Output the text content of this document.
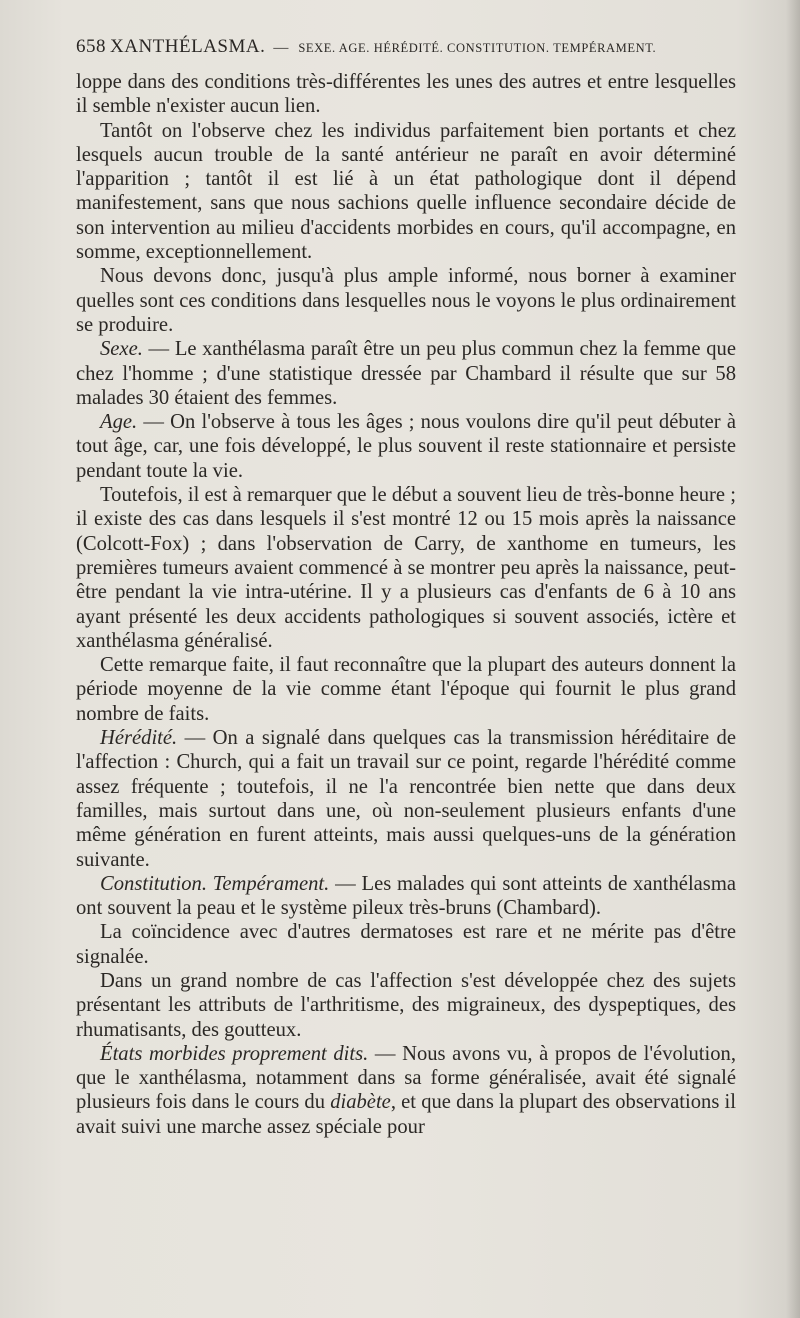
658 XANTHÉLASMA. — SEXE. AGE. HÉRÉDITÉ. CONSTITUTION. TEMPÉRAMENT.

loppe dans des conditions très-différentes les unes des autres et entre lesquelles il semble n'exister aucun lien.

Tantôt on l'observe chez les individus parfaitement bien portants et chez lesquels aucun trouble de la santé antérieur ne paraît en avoir déterminé l'apparition ; tantôt il est lié à un état pathologique dont il dépend manifestement, sans que nous sachions quelle influence secondaire décide de son intervention au milieu d'accidents morbides en cours, qu'il accompagne, en somme, exceptionnellement.

Nous devons donc, jusqu'à plus ample informé, nous borner à examiner quelles sont ces conditions dans lesquelles nous le voyons le plus ordinairement se produire.

Sexe. — Le xanthélasma paraît être un peu plus commun chez la femme que chez l'homme ; d'une statistique dressée par Chambard il résulte que sur 58 malades 30 étaient des femmes.

Age. — On l'observe à tous les âges ; nous voulons dire qu'il peut débuter à tout âge, car, une fois développé, le plus souvent il reste stationnaire et persiste pendant toute la vie.

Toutefois, il est à remarquer que le début a souvent lieu de très-bonne heure ; il existe des cas dans lesquels il s'est montré 12 ou 15 mois après la naissance (Colcott-Fox) ; dans l'observation de Carry, de xanthome en tumeurs, les premières tumeurs avaient commencé à se montrer peu après la naissance, peut-être pendant la vie intra-utérine. Il y a plusieurs cas d'enfants de 6 à 10 ans ayant présenté les deux accidents pathologiques si souvent associés, ictère et xanthélasma généralisé.

Cette remarque faite, il faut reconnaître que la plupart des auteurs donnent la période moyenne de la vie comme étant l'époque qui fournit le plus grand nombre de faits.

Hérédité. — On a signalé dans quelques cas la transmission héréditaire de l'affection : Church, qui a fait un travail sur ce point, regarde l'hérédité comme assez fréquente ; toutefois, il ne l'a rencontrée bien nette que dans deux familles, mais surtout dans une, où non-seulement plusieurs enfants d'une même génération en furent atteints, mais aussi quelques-uns de la génération suivante.

Constitution. Tempérament. — Les malades qui sont atteints de xanthélasma ont souvent la peau et le système pileux très-bruns (Chambard).

La coïncidence avec d'autres dermatoses est rare et ne mérite pas d'être signalée.

Dans un grand nombre de cas l'affection s'est développée chez des sujets présentant les attributs de l'arthritisme, des migraineux, des dyspeptiques, des rhumatisants, des goutteux.

États morbides proprement dits. — Nous avons vu, à propos de l'évolution, que le xanthélasma, notamment dans sa forme généralisée, avait été signalé plusieurs fois dans le cours du diabète, et que dans la plupart des observations il avait suivi une marche assez spéciale pour
